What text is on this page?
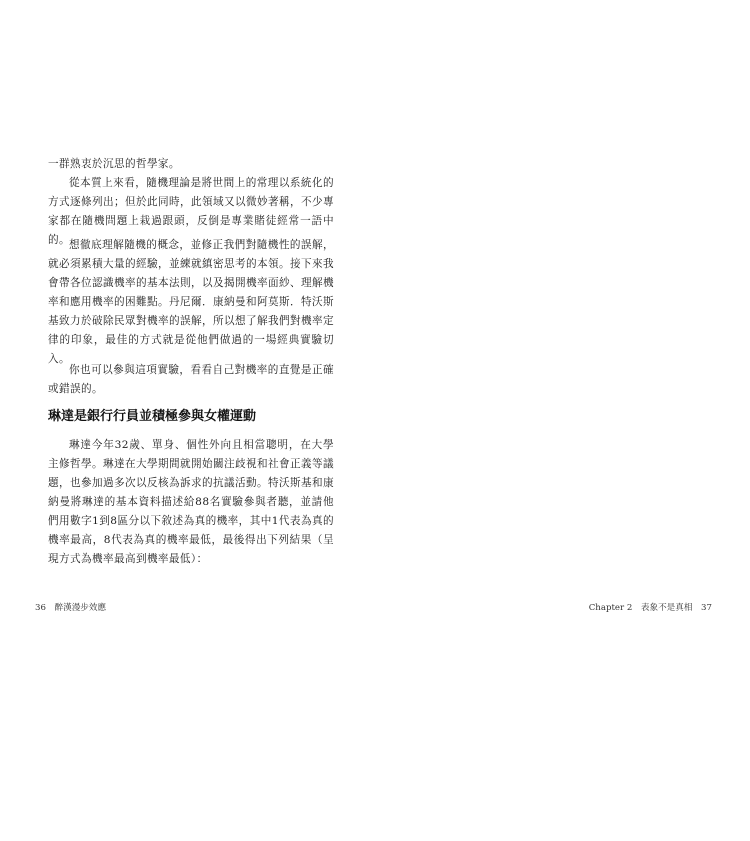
一群熟衷於沉思的哲學家。

從本質上來看，隨機理論是將世間上的常理以系統化的方式逐條列出；但於此同時，此領域又以微妙著稱，不少專家都在隨機問題上栽過跟頭，反倒是專業賭徒經常一語中的。 想徹底理解隨機的概念，並修正我們對隨機性的誤解，就必須累積大量的經驗，並練就縝密思考的本領。接下來我會帶各位認識機率的基本法則，以及揭開機率面紗、理解機率和應用機率的困難點。丹尼爾．康納曼和阿莫斯．特沃斯基致力於破除民眾對機率的誤解，所以想了解我們對機率定律的印象，最佳的方式就是從他們做過的一場經典實驗切入。

你也可以參與這項實驗，看看自己對機率的直覺是正確或錯誤的。

琳達是銀行行員並積極參與女權運動

琳達今年32歲、單身、個性外向且相當聰明，在大學主修哲學。琳達在大學期間就開始關注歧視和社會正義等議題，也參加過多次以反核為訴求的抗議活動。特沃斯基和康納曼將琳達的基本資料描述給88名實驗參與者聽，並請他們用數字1到8區分以下敘述為真的機率，其中1代表為真的機率最高，8代表為真的機率最低，最後得出下列結果（呈現方式為機率最高到機率最低）：

36　醉漢漫步效應

		Chapter 2　表象不是真相　37
